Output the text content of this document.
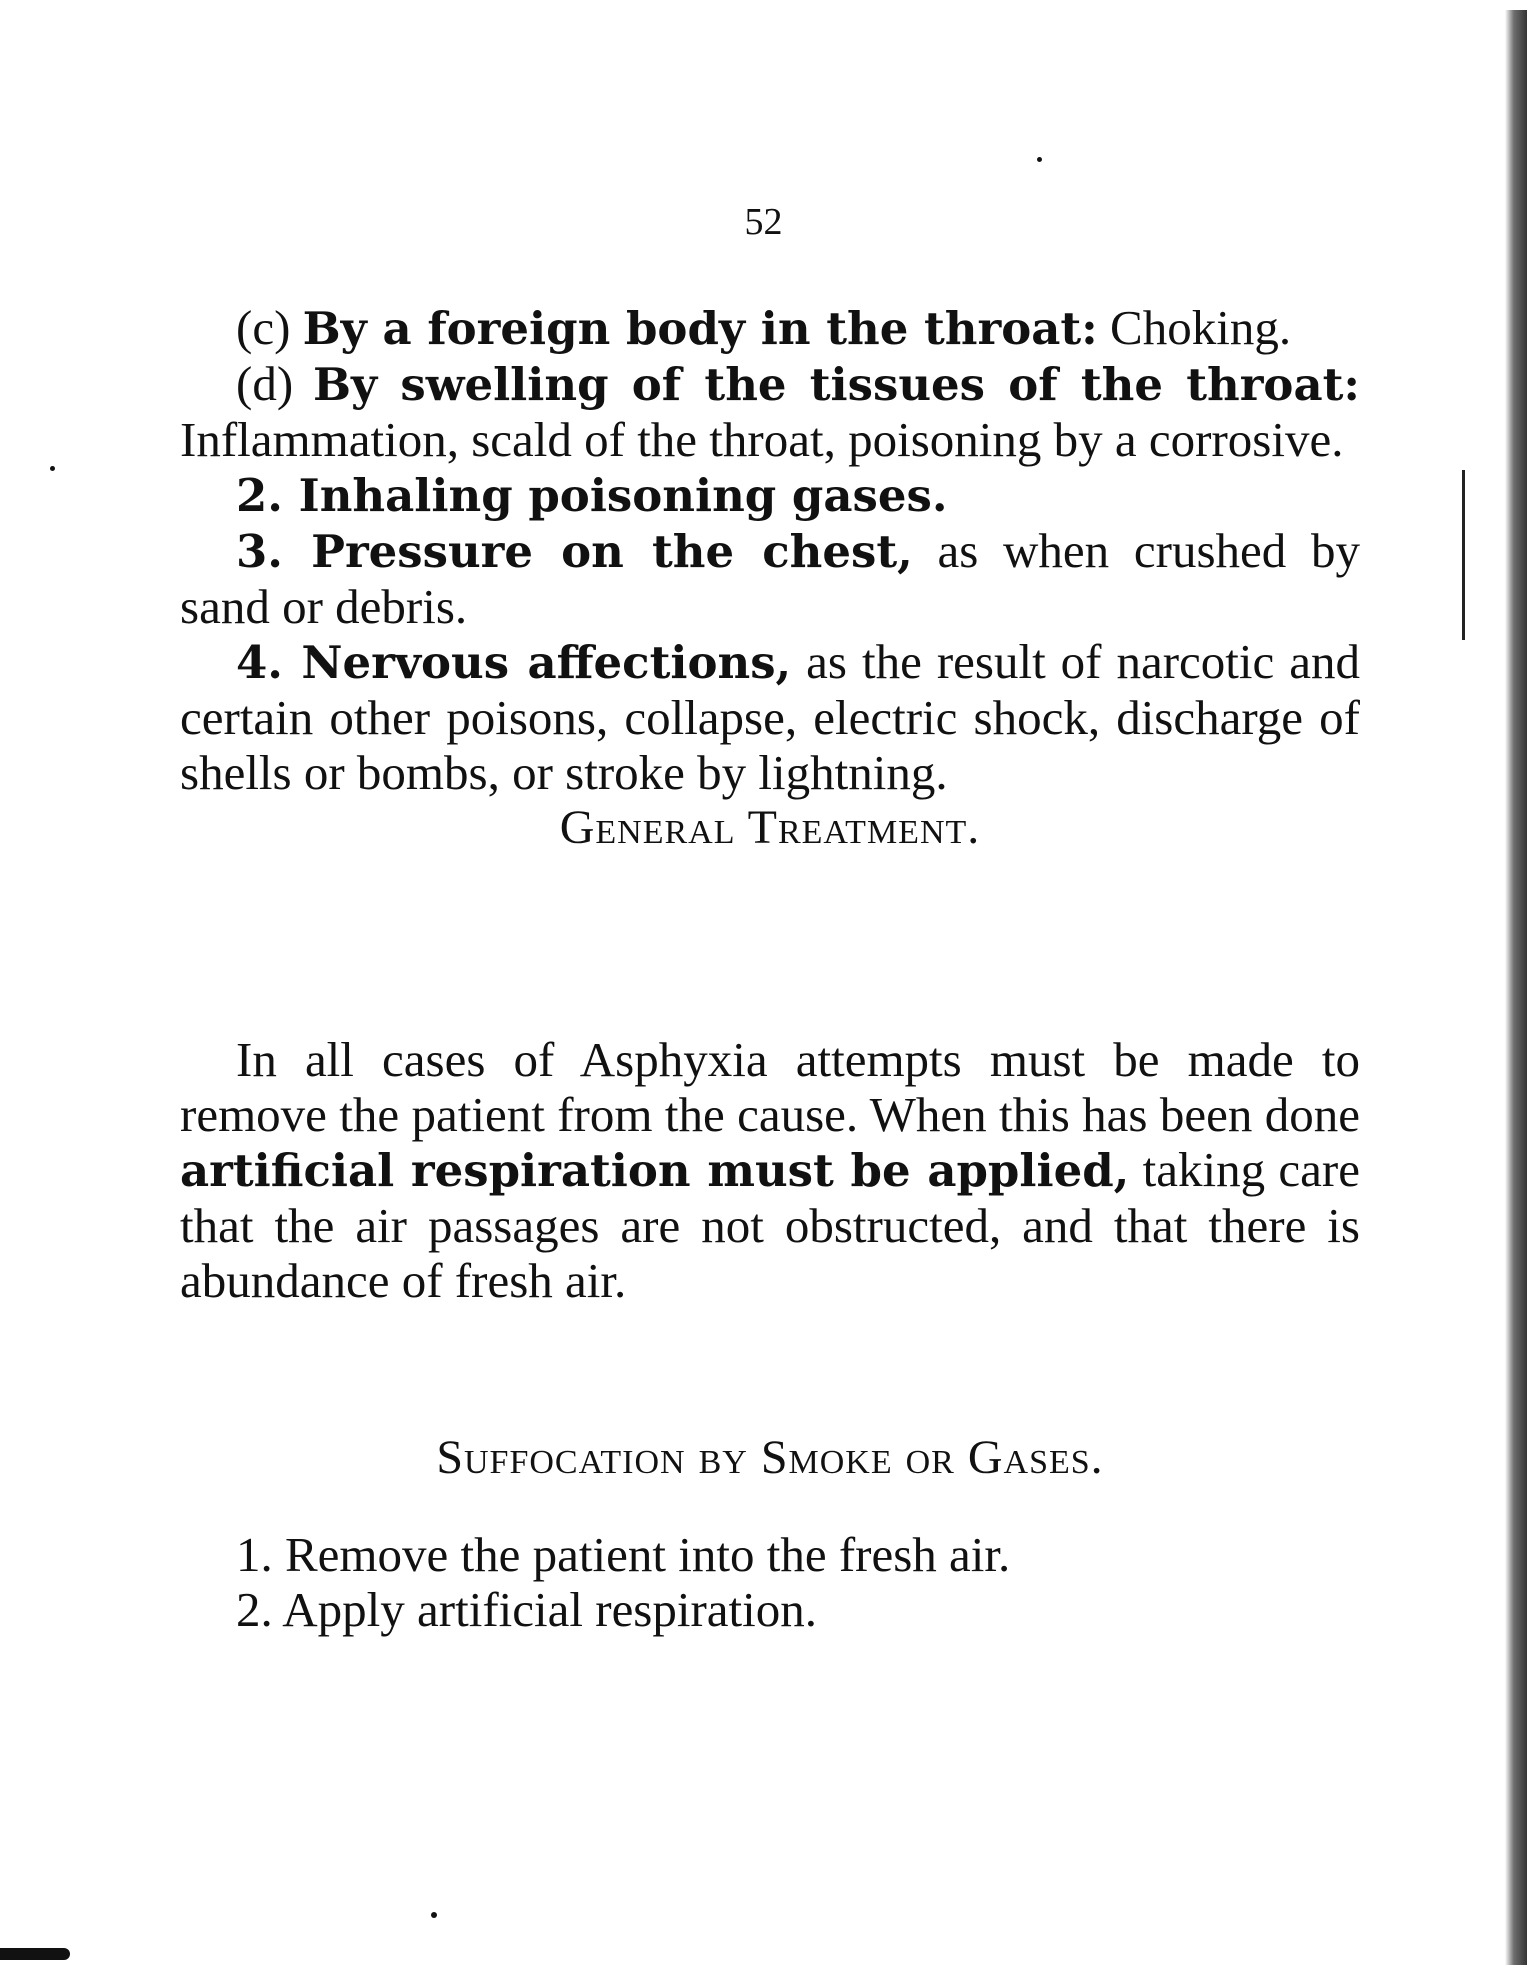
52

(c) By a foreign body in the throat: Choking.

(d) By swelling of the tissues of the throat: Inflammation, scald of the throat, poisoning by a corrosive.

2. Inhaling poisoning gases.

3. Pressure on the chest, as when crushed by sand or debris.

4. Nervous affections, as the result of narcotic and certain other poisons, collapse, electric shock, discharge of shells or bombs, or stroke by lightning.

General Treatment.

In all cases of Asphyxia attempts must be made to remove the patient from the cause. When this has been done artificial respiration must be applied, taking care that the air passages are not obstructed, and that there is abundance of fresh air.

Suffocation by Smoke or Gases.

1. Remove the patient into the fresh air.

2. Apply artificial respiration.
